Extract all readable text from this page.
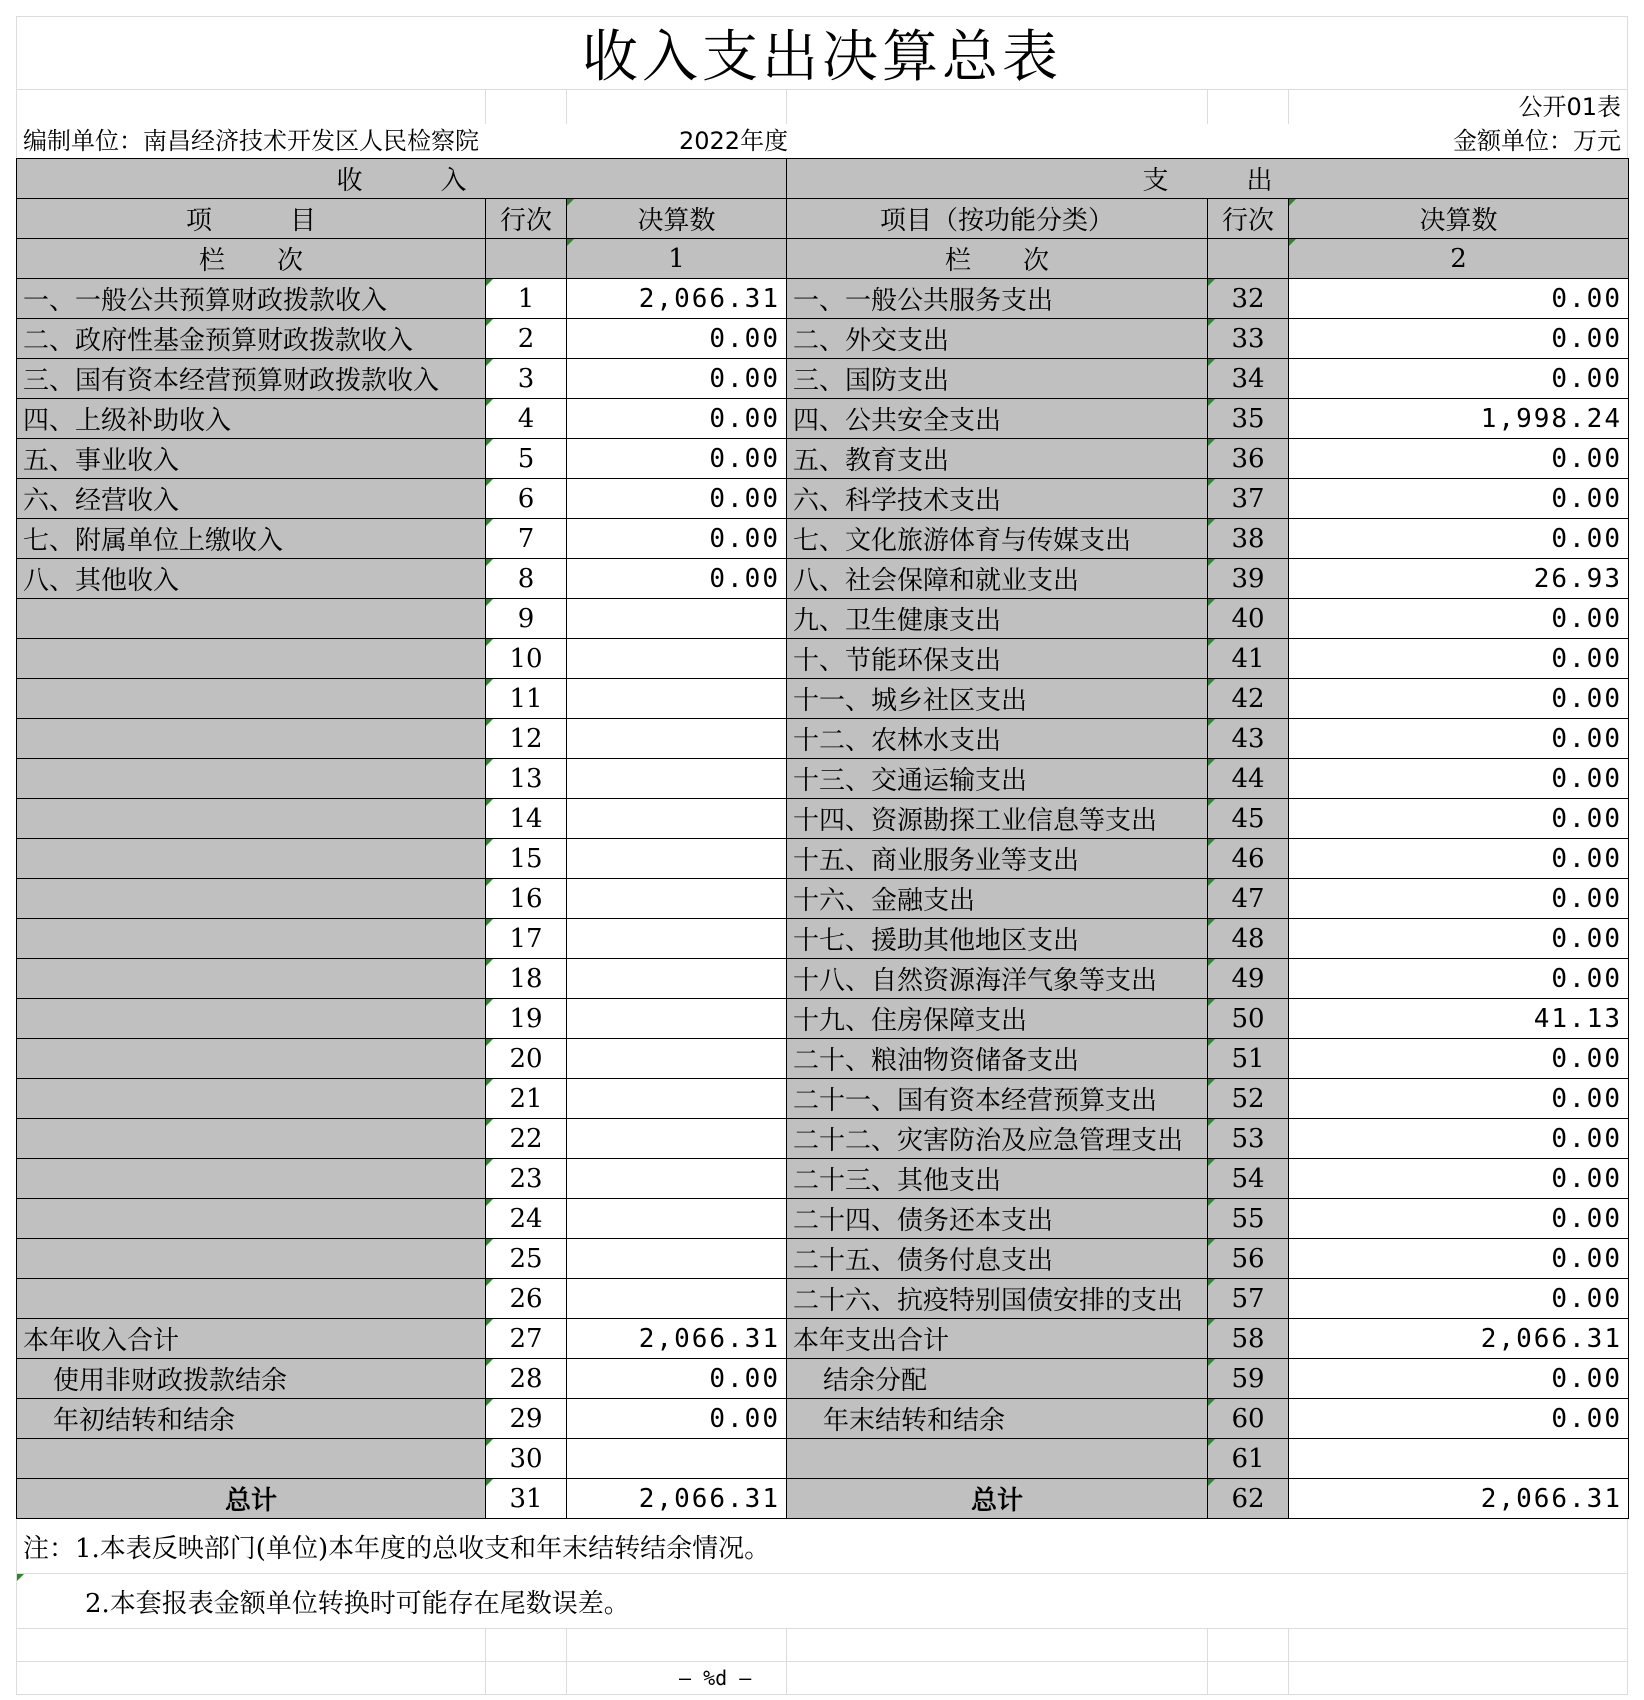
收入支出决算总表
公开01表
编制单位：南昌经济技术开发区人民检察院	2022年度	金额单位：万元
收　　　入			支　　　出		
项　　　目	行次	决算数	项目（按功能分类）	行次	决算数
栏　　次		1	栏　　次		2
一、一般公共预算财政拨款收入	1	2,066.31	一、一般公共服务支出	32	0.00
二、政府性基金预算财政拨款收入	2	0.00	二、外交支出	33	0.00
三、国有资本经营预算财政拨款收入	3	0.00	三、国防支出	34	0.00
四、上级补助收入	4	0.00	四、公共安全支出	35	1,998.24
五、事业收入	5	0.00	五、教育支出	36	0.00
六、经营收入	6	0.00	六、科学技术支出	37	0.00
七、附属单位上缴收入	7	0.00	七、文化旅游体育与传媒支出	38	0.00
八、其他收入	8	0.00	八、社会保障和就业支出	39	26.93
	9		九、卫生健康支出	40	0.00
	10		十、节能环保支出	41	0.00
	11		十一、城乡社区支出	42	0.00
	12		十二、农林水支出	43	0.00
	13		十三、交通运输支出	44	0.00
	14		十四、资源勘探工业信息等支出	45	0.00
	15		十五、商业服务业等支出	46	0.00
	16		十六、金融支出	47	0.00
	17		十七、援助其他地区支出	48	0.00
	18		十八、自然资源海洋气象等支出	49	0.00
	19		十九、住房保障支出	50	41.13
	20		二十、粮油物资储备支出	51	0.00
	21		二十一、国有资本经营预算支出	52	0.00
	22		二十二、灾害防治及应急管理支出	53	0.00
	23		二十三、其他支出	54	0.00
	24		二十四、债务还本支出	55	0.00
	25		二十五、债务付息支出	56	0.00
	26		二十六、抗疫特别国债安排的支出	57	0.00
本年收入合计	27	2,066.31	本年支出合计	58	2,066.31
使用非财政拨款结余	28	0.00	结余分配	59	0.00
年初结转和结余	29	0.00	年末结转和结余	60	0.00
	30			61	
总计	31	2,066.31	总计	62	2,066.31
注：1.本表反映部门(单位)本年度的总收支和年末结转结余情况。
2.本套报表金额单位转换时可能存在尾数误差。
— %d —
